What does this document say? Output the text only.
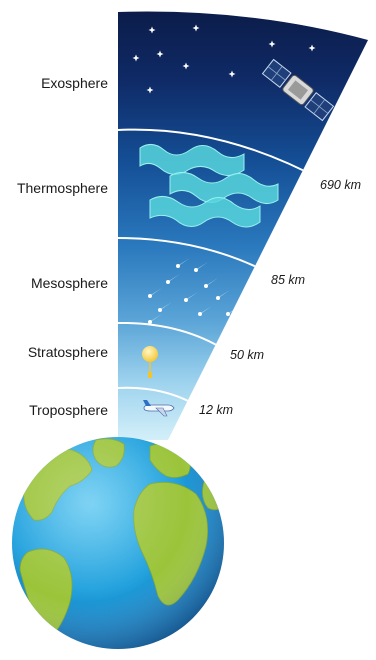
Exosphere
Thermosphere
Mesosphere
Stratosphere
Troposphere
690 km
85 km
50 km
12 km
